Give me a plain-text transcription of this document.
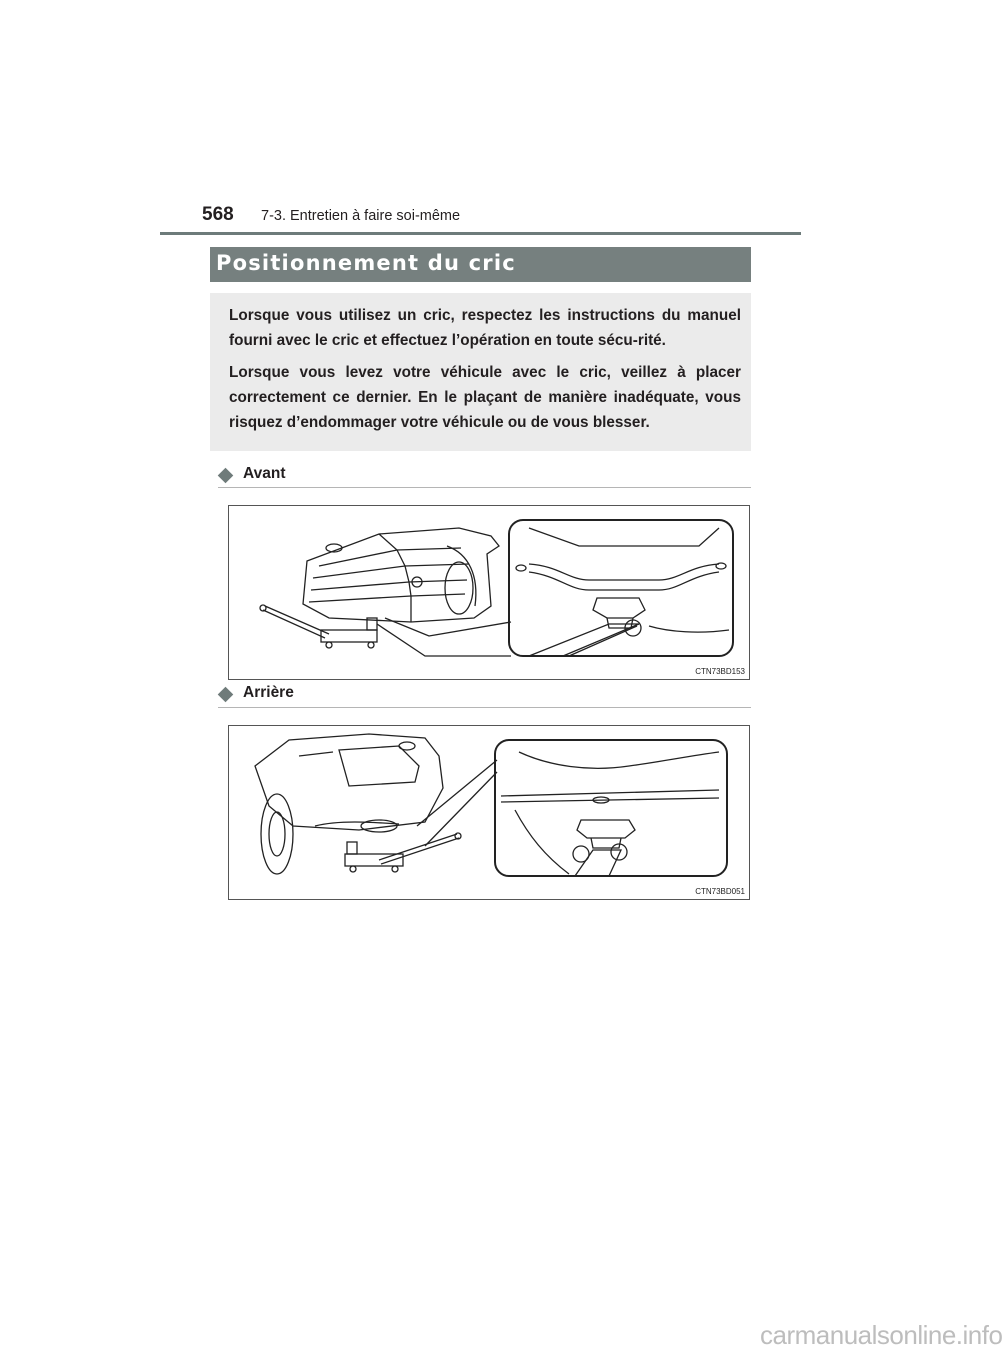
568 7-3. Entretien à faire soi-même
Positionnement du cric

Lorsque vous utilisez un cric, respectez les instructions du manuel fourni avec le cric et effectuez l’opération en toute sécu-rité.

Lorsque vous levez votre véhicule avec le cric, veillez à placer correctement ce dernier. En le plaçant de manière inadéquate, vous risquez d’endommager votre véhicule ou de vous blesser.

Avant
CTN73BD153
Arrière
CTN73BD051
carmanualsonline.info
